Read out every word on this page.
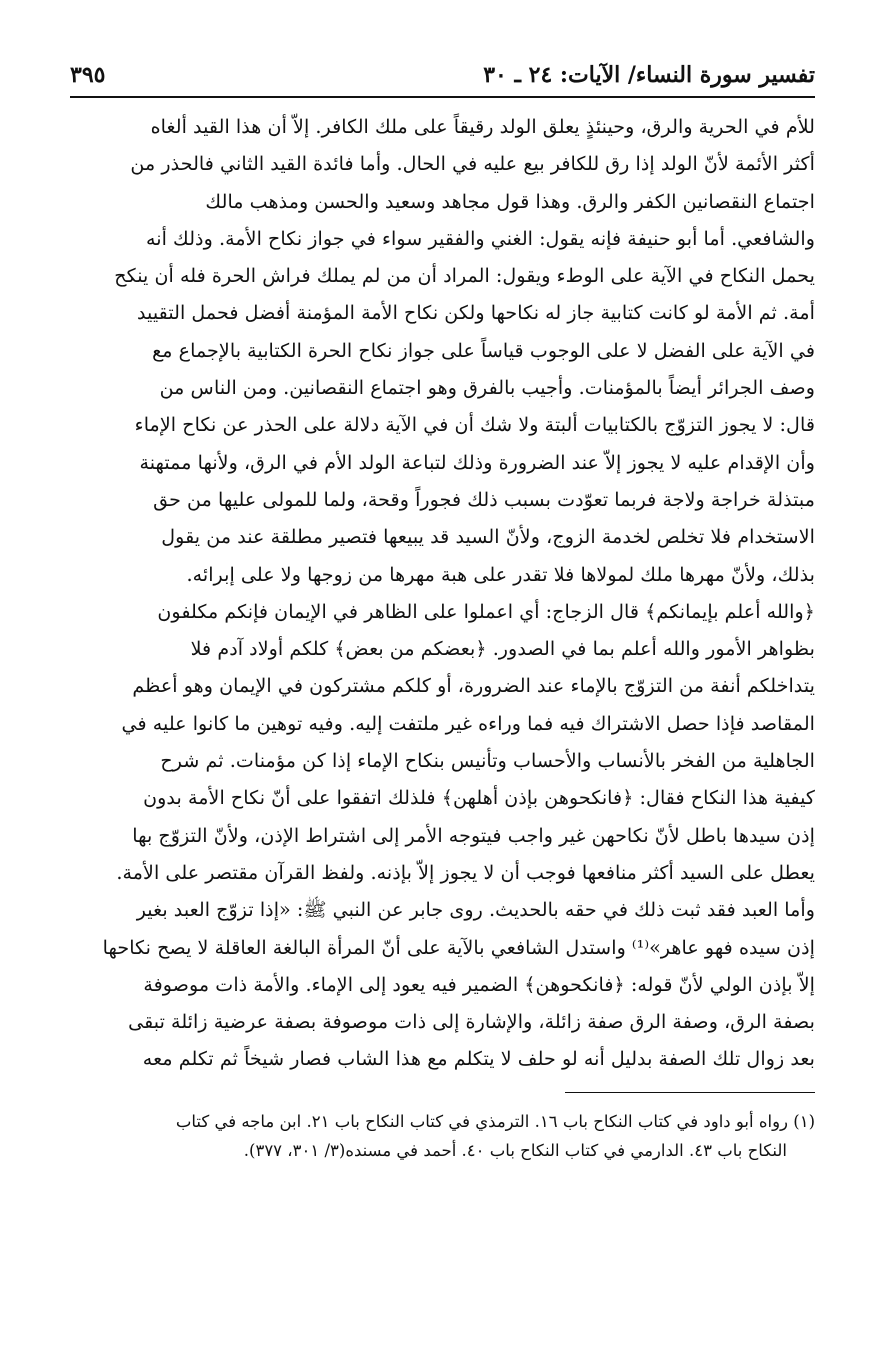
تفسير سورة النساء/ الآيات: ٢٤ ـ ٣٠
٣٩٥
للأم في الحرية والرق، وحينئذٍ يعلق الولد رقيقاً على ملك الكافر. إلاّ أن هذا القيد ألغاه
أكثر الأئمة لأنّ الولد إذا رق للكافر بيع عليه في الحال. وأما فائدة القيد الثاني فالحذر من
اجتماع النقصانين الكفر والرق. وهذا قول مجاهد وسعيد والحسن ومذهب مالك
والشافعي. أما أبو حنيفة فإنه يقول: الغني والفقير سواء في جواز نكاح الأمة. وذلك أنه
يحمل النكاح في الآية على الوطء ويقول: المراد أن من لم يملك فراش الحرة فله أن ينكح
أمة. ثم الأمة لو كانت كتابية جاز له نكاحها ولكن نكاح الأمة المؤمنة أفضل فحمل التقييد
في الآية على الفضل لا على الوجوب قياساً على جواز نكاح الحرة الكتابية بالإجماع مع
وصف الجرائر أيضاً بالمؤمنات. وأجيب بالفرق وهو اجتماع النقصانين. ومن الناس من
قال: لا يجوز التزوّج بالكتابيات ألبتة ولا شك أن في الآية دلالة على الحذر عن نكاح الإماء
وأن الإقدام عليه لا يجوز إلاّ عند الضرورة وذلك لتباعة الولد الأم في الرق، ولأنها ممتهنة
مبتذلة خراجة ولاجة فربما تعوّدت بسبب ذلك فجوراً وقحة، ولما للمولى عليها من حق
الاستخدام فلا تخلص لخدمة الزوج، ولأنّ السيد قد يبيعها فتصير مطلقة عند من يقول
بذلك، ولأنّ مهرها ملك لمولاها فلا تقدر على هبة مهرها من زوجها ولا على إبرائه.
﴿والله أعلم بإيمانكم﴾ قال الزجاج: أي اعملوا على الظاهر في الإيمان فإنكم مكلفون
بظواهر الأمور والله أعلم بما في الصدور. ﴿بعضكم من بعض﴾ كلكم أولاد آدم فلا
يتداخلكم أنفة من التزوّج بالإماء عند الضرورة، أو كلكم مشتركون في الإيمان وهو أعظم
المقاصد فإذا حصل الاشتراك فيه فما وراءه غير ملتفت إليه. وفيه توهين ما كانوا عليه في
الجاهلية من الفخر بالأنساب والأحساب وتأنيس بنكاح الإماء إذا كن مؤمنات. ثم شرح
كيفية هذا النكاح فقال: ﴿فانكحوهن بإذن أهلهن﴾ فلذلك اتفقوا على أنّ نكاح الأمة بدون
إذن سيدها باطل لأنّ نكاحهن غير واجب فيتوجه الأمر إلى اشتراط الإذن، ولأنّ التزوّج بها
يعطل على السيد أكثر منافعها فوجب أن لا يجوز إلاّ بإذنه. ولفظ القرآن مقتصر على الأمة.
وأما العبد فقد ثبت ذلك في حقه بالحديث. روى جابر عن النبي ﷺ: «إذا تزوّج العبد بغير
إذن سيده فهو عاهر»⁽¹⁾ واستدل الشافعي بالآية على أنّ المرأة البالغة العاقلة لا يصح نكاحها
إلاّ بإذن الولي لأنّ قوله: ﴿فانكحوهن﴾ الضمير فيه يعود إلى الإماء. والأمة ذات موصوفة
بصفة الرق، وصفة الرق صفة زائلة، والإشارة إلى ذات موصوفة بصفة عرضية زائلة تبقى
بعد زوال تلك الصفة بدليل أنه لو حلف لا يتكلم مع هذا الشاب فصار شيخاً ثم تكلم معه
(١) رواه أبو داود في كتاب النكاح باب ١٦. الترمذي في كتاب النكاح باب ٢١. ابن ماجه في كتاب
النكاح باب ٤٣. الدارمي في كتاب النكاح باب ٤٠. أحمد في مسنده(٣/ ٣٠١، ٣٧٧).
